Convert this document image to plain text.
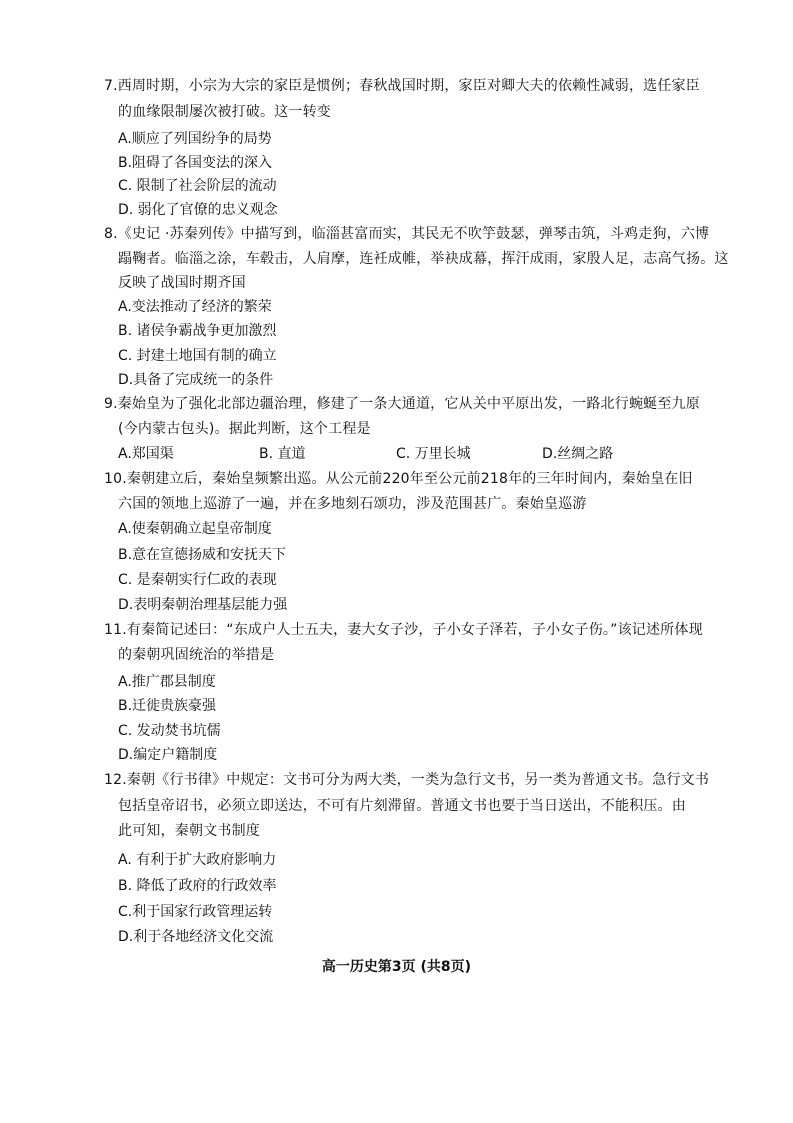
7.西周时期，小宗为大宗的家臣是惯例；春秋战国时期，家臣对卿大夫的依赖性减弱，选任家臣
的血缘限制屡次被打破。这一转变
A.顺应了列国纷争的局势
B.阻碍了各国变法的深入
C. 限制了社会阶层的流动
D. 弱化了官僚的忠义观念
8.《史记 ·苏秦列传》中描写到，临淄甚富而实，其民无不吹竽鼓瑟，弹琴击筑，斗鸡走狗，六博
蹋鞠者。临淄之涂，车毂击，人肩摩，连衽成帷，举袂成幕，挥汗成雨，家殷人足，志高气扬。这
反映了战国时期齐国
A.变法推动了经济的繁荣
B. 诸侯争霸战争更加激烈
C. 封建土地国有制的确立
D.具备了完成统一的条件
9.秦始皇为了强化北部边疆治理，修建了一条大通道，它从关中平原出发，一路北行蜿蜒至九原
(今内蒙古包头)。据此判断，这个工程是
A.郑国渠	B. 直道	C. 万里长城	D.丝绸之路
10.秦朝建立后，秦始皇频繁出巡。从公元前220年至公元前218年的三年时间内，秦始皇在旧
六国的领地上巡游了一遍，并在多地刻石颂功，涉及范围甚广。秦始皇巡游
A.使秦朝确立起皇帝制度
B.意在宣德扬威和安抚天下
C. 是秦朝实行仁政的表现
D.表明秦朝治理基层能力强
11.有秦简记述曰：“东成户人士五夫，妻大女子沙，子小女子泽若，子小女子伤。”该记述所体现
的秦朝巩固统治的举措是
A.推广郡县制度
B.迁徙贵族豪强
C. 发动焚书坑儒
D.编定户籍制度
12.秦朝《行书律》中规定：文书可分为两大类，一类为急行文书，另一类为普通文书。急行文书
包括皇帝诏书，必须立即送达，不可有片刻滞留。普通文书也要于当日送出，不能积压。由
此可知，秦朝文书制度
A. 有利于扩大政府影响力
B. 降低了政府的行政效率
C.利于国家行政管理运转
D.利于各地经济文化交流
高一历史第3页 (共8页)
